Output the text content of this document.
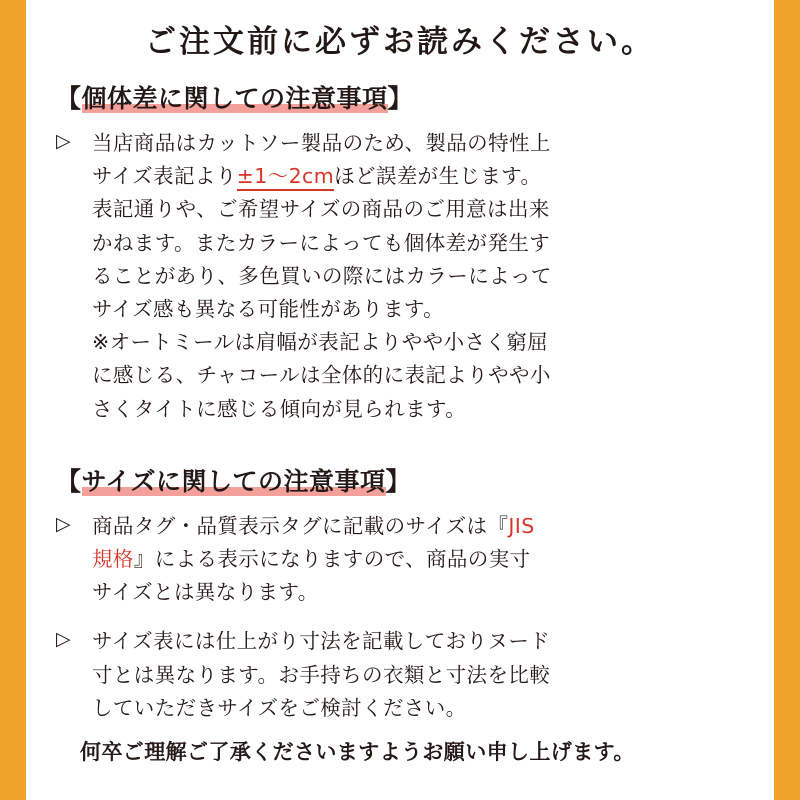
ご注文前に必ずお読みください。
【個体差に関しての注意事項】
▷	当店商品はカットソー製品のため、製品の特性上
サイズ表記より±1〜2cmほど誤差が生じます。
表記通りや、ご希望サイズの商品のご用意は出来
かねます。またカラーによっても個体差が発生す
ることがあり、多色買いの際にはカラーによって
サイズ感も異なる可能性があります。
※オートミールは肩幅が表記よりやや小さく窮屈
に感じる、チャコールは全体的に表記よりやや小
さくタイトに感じる傾向が見られます。
【サイズに関しての注意事項】
▷	商品タグ・品質表示タグに記載のサイズは『JIS
規格』による表示になりますので、商品の実寸
サイズとは異なります。
▷	サイズ表には仕上がり寸法を記載しておりヌード
寸とは異なります。お手持ちの衣類と寸法を比較
していただきサイズをご検討ください。
何卒ご理解ご了承くださいますようお願い申し上げます。
